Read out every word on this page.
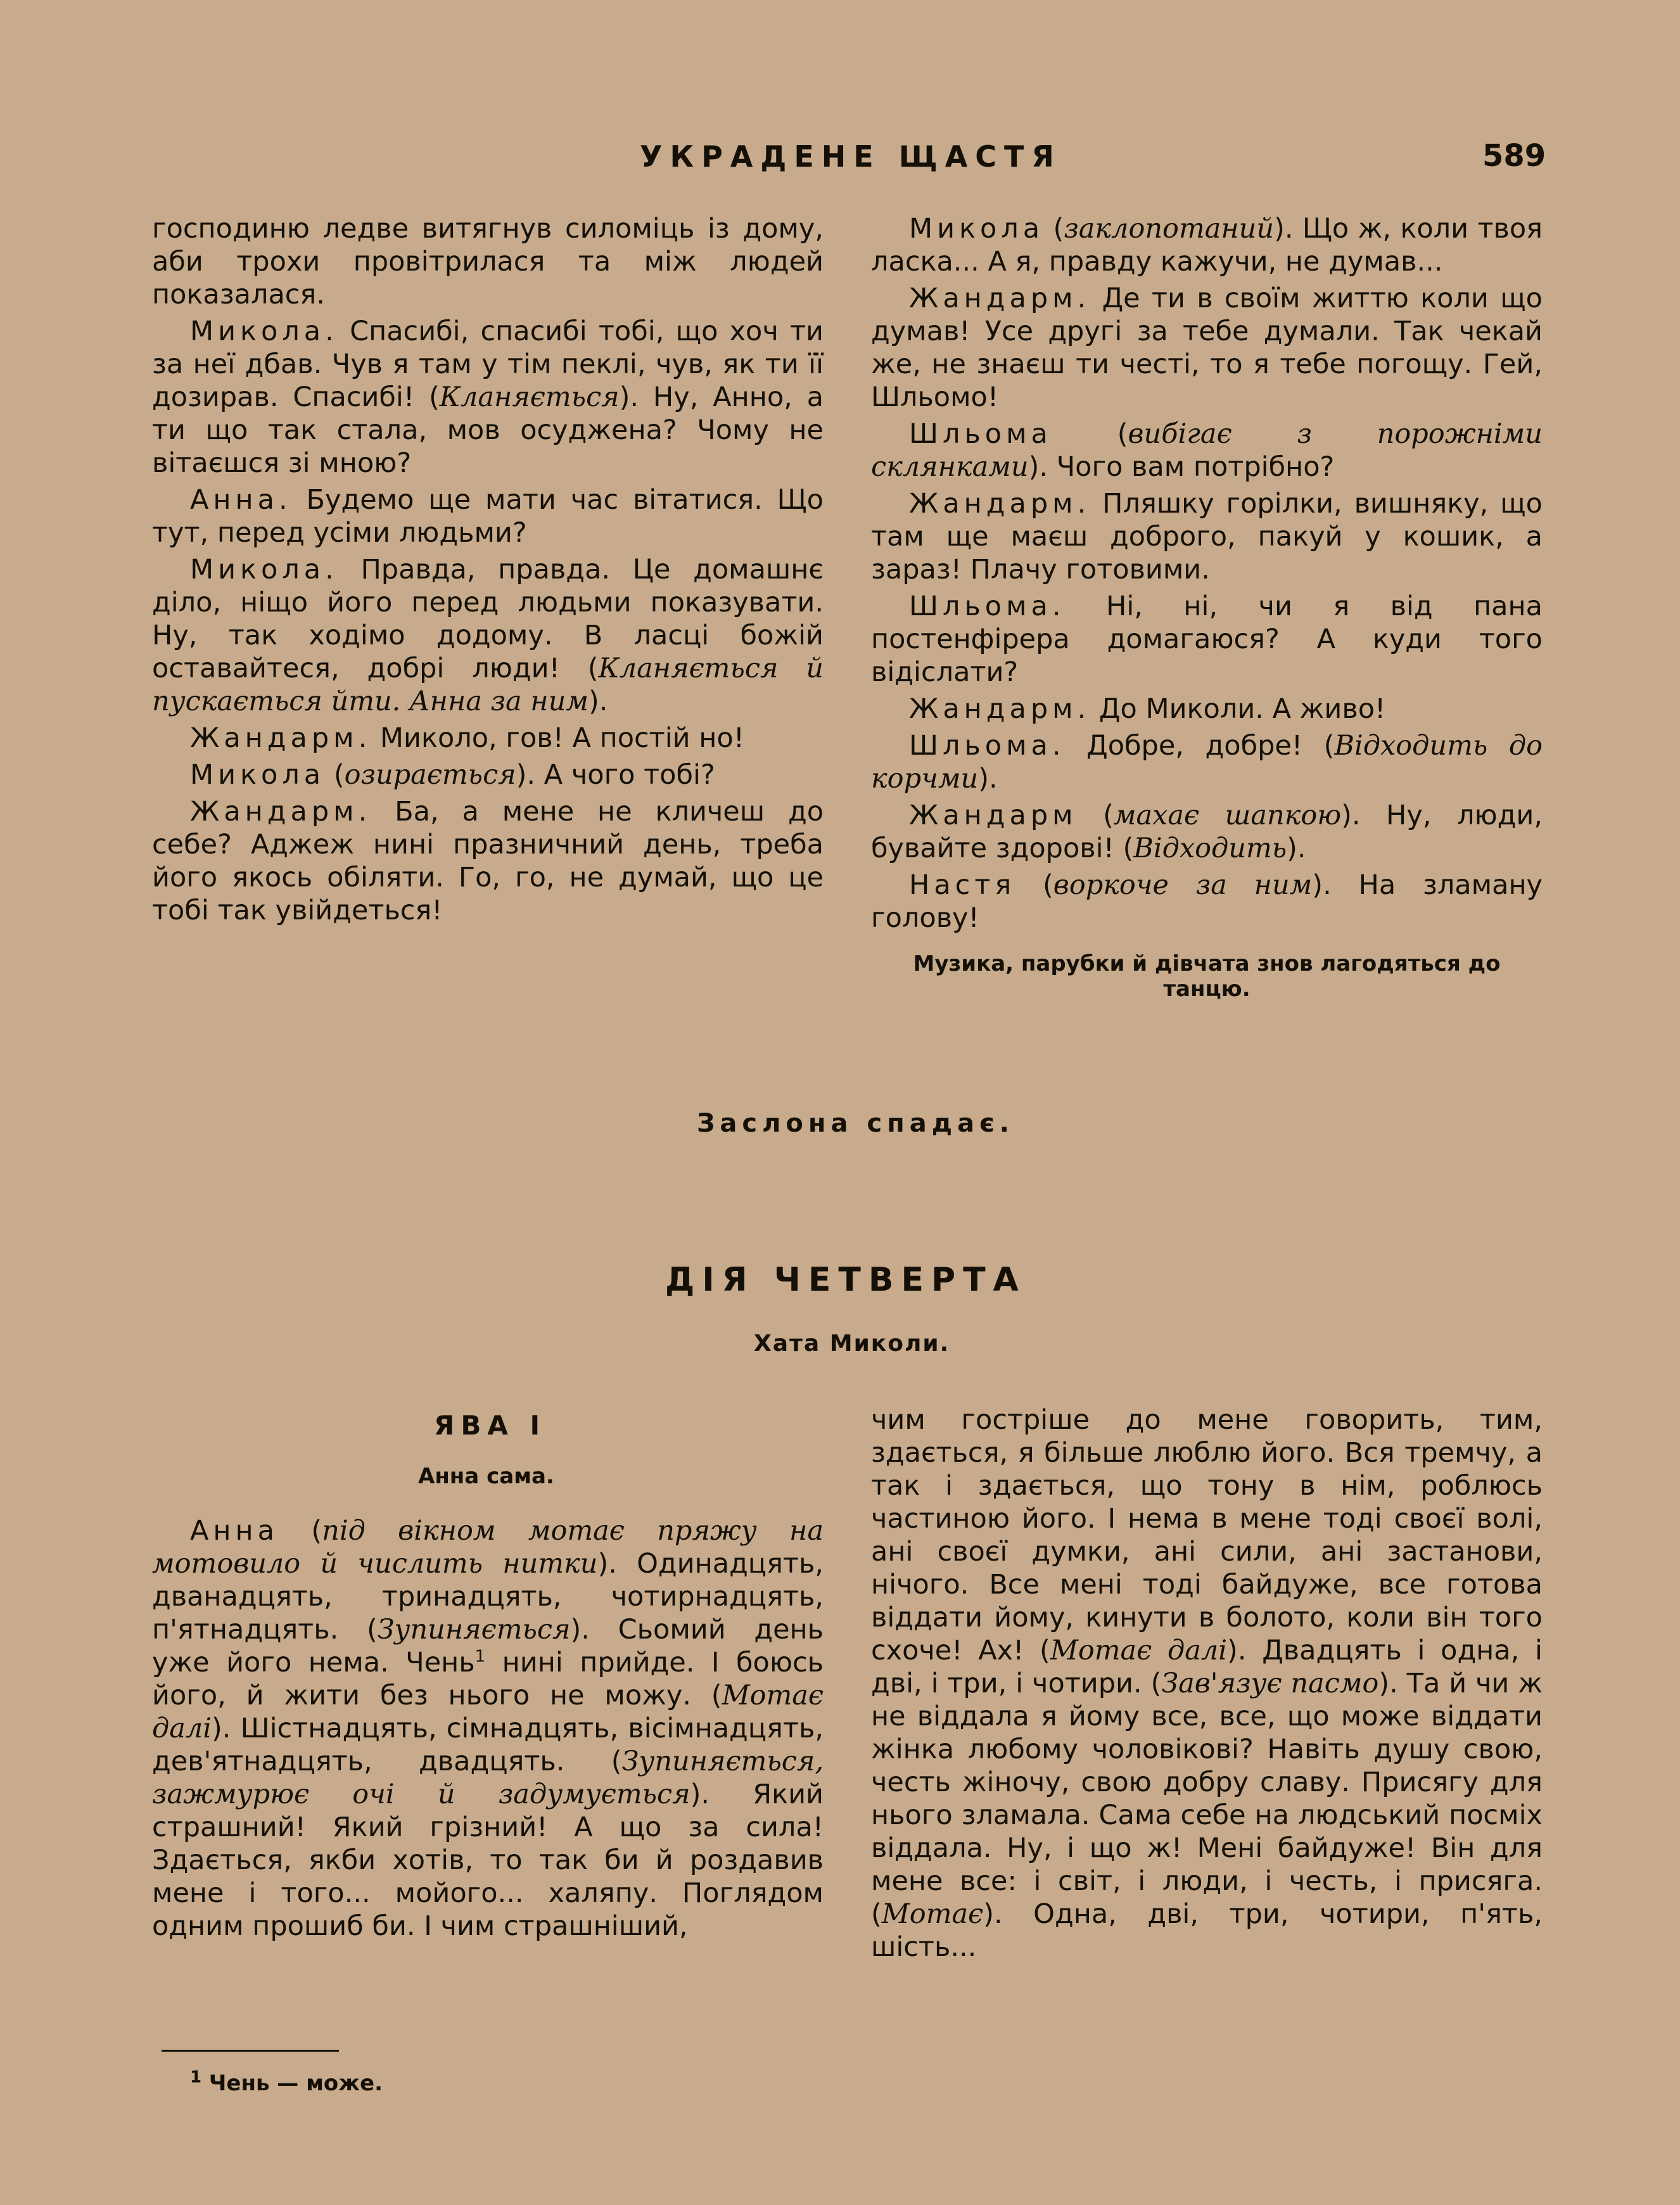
УКРАДЕНЕ ЩАСТЯ	589

господиню ледве витягнув силоміць із дому, аби трохи провітрилася та між людей показалася.

Микола. Спасибі, спасибі тобі, що хоч ти за неї дбав. Чув я там у тім пеклі, чув, як ти її дозирав. Спасибі! (Кланяється). Ну, Анно, а ти що так стала, мов осуджена? Чому не вітаєшся зі мною?

Анна. Будемо ще мати час вітатися. Що тут, перед усіми людьми?

Микола. Правда, правда. Це домашнє діло, ніщо його перед людьми показувати. Ну, так ходімо додому. В ласці божій оставайтеся, добрі люди! (Кланяється й пускається йти. Анна за ним).

Жандарм. Миколо, гов! А постій но!

Микола (озирається). А чого тобі?

Жандарм. Ба, а мене не кличеш до себе? Аджеж нині празничний день, треба його якось обіляти. Го, го, не думай, що це тобі так увійдеться!

Микола (заклопотаний). Що ж, коли твоя ласка... А я, правду кажучи, не думав...

Жандарм. Де ти в своїм життю коли що думав! Усе другі за тебе думали. Так чекай же, не знаєш ти честі, то я тебе погощу. Гей, Шльомо!

Шльома (вибігає з порожніми склянками). Чого вам потрібно?

Жандарм. Пляшку горілки, вишняку, що там ще маєш доброго, пакуй у кошик, а зараз! Плачу готовими.

Шльома. Ні, ні, чи я від пана постенфірера домагаюся? А куди того відіслати?

Жандарм. До Миколи. А живо!

Шльома. Добре, добре! (Відходить до корчми).

Жандарм (махає шапкою). Ну, люди, бувайте здорові! (Відходить).

Настя (воркоче за ним). На зламану голову!

Музика, парубки й дівчата знов лагодяться до танцю.
Заслона спадає.
ДІЯ ЧЕТВЕРТА
Хата Миколи.
ЯВА I
Анна сама.

Анна (під вікном мотає пряжу на мотовило й числить нитки). Одинадцять, дванадцять, тринадцять, чотирнадцять, п'ятнадцять. (Зупиняється). Сьомий день уже його нема. Чень$^1$ нині прийде. І боюсь його, й жити без нього не можу. (Мотає далі). Шістнадцять, сімнадцять, вісімнадцять, дев'ятнадцять, двадцять. (Зупиняється, зажмурює очі й задумується). Який страшний! Який грізний! А що за сила! Здається, якби хотів, то так би й роздавив мене і того... мойого... халяпу. Поглядом одним прошиб би. І чим страшніший,

чим гостріше до мене говорить, тим, здається, я більше люблю його. Вся тремчу, а так і здається, що тону в нім, роблюсь частиною його. І нема в мене тоді своєї волі, ані своєї думки, ані сили, ані застанови, нічого. Все мені тоді байдуже, все готова віддати йому, кинути в болото, коли він того схоче! Ах! (Мотає далі). Двадцять і одна, і дві, і три, і чотири. (Зав'язує пасмо). Та й чи ж не віддала я йому все, все, що може віддати жінка любому чоловікові? Навіть душу свою, честь жіночу, свою добру славу. Присягу для нього зламала. Сама себе на людський посміх віддала. Ну, і що ж! Мені байдуже! Він для мене все: і світ, і люди, і честь, і присяга. (Мотає). Одна, дві, три, чотири, п'ять, шість...

$^1$ Чень — може.
